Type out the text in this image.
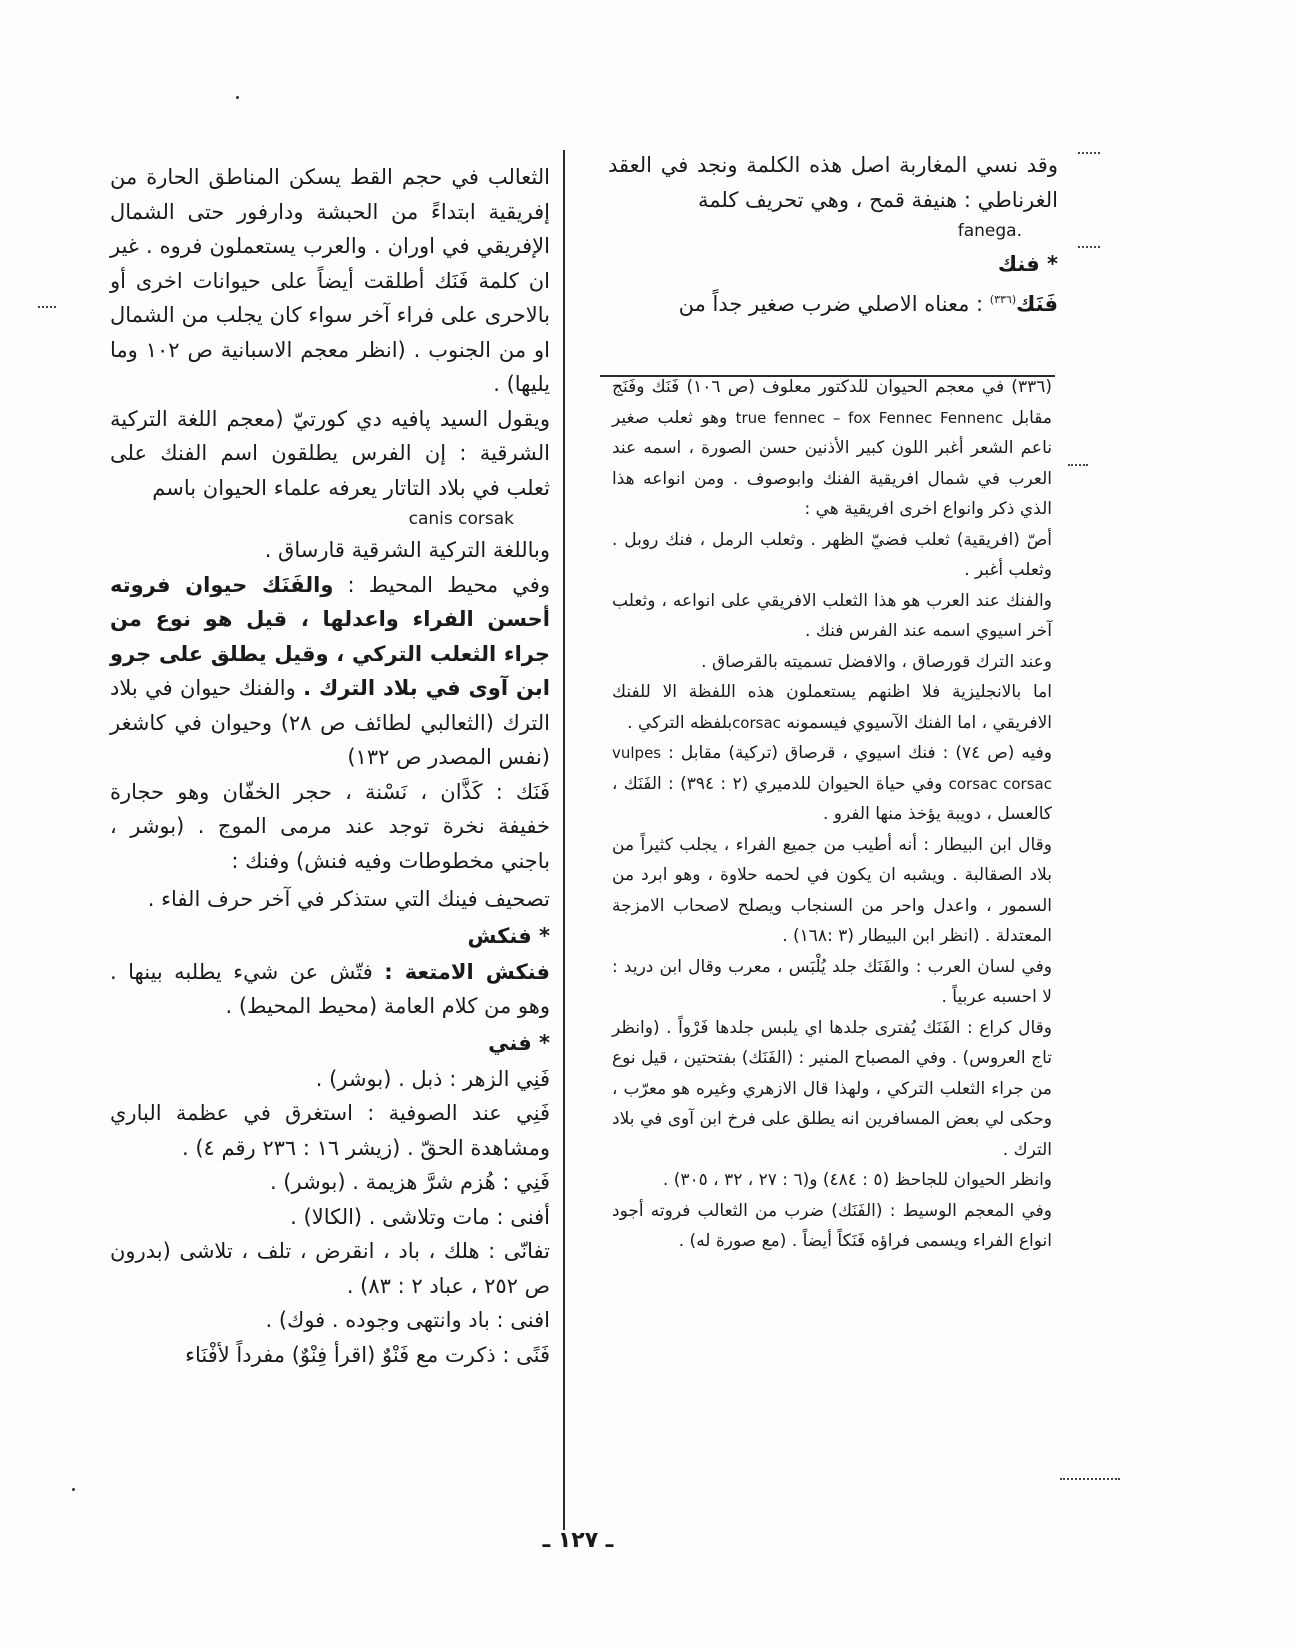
وقد نسي المغاربة اصل هذه الكلمة ونجد في العقد الغرناطي : هنيفة قمح ، وهي تحريف كلمة

fanega.

* فنك

فَنَك$^{(٣٣٦)}$ : معناه الاصلي ضرب صغير جداً من

(٣٣٦) في معجم الحيوان للدكتور معلوف (ص ١٠٦) فَنَك وفَنَج مقابل true fennec – fox Fennec Fennenc وهو ثعلب صغير ناعم الشعر أغبر اللون كبير الأذنين حسن الصورة ، اسمه عند العرب في شمال افريقية الفنك وابوصوف . ومن انواعه هذا الذي ذكر وانواع اخرى افريقية هي :

أصّ (افريقية) ثعلب فضيّ الظهر . وثعلب الرمل ، فنك روبل . وثعلب أغبر .

والفنك عند العرب هو هذا الثعلب الافريقي على انواعه ، وثعلب آخر اسيوي اسمه عند الفرس فنك .

وعند الترك قورصاق ، والافضل تسميته بالقرصاق .

اما بالانجليزية فلا اظنهم يستعملون هذه اللفظة الا للفنك الافريقي ، اما الفنك الآسيوي فيسمونه corsacبلفظه التركي .

وفيه (ص ٧٤) : فنك اسيوي ، قرصاق (تركية) مقابل : vulpes corsac corsac وفي حياة الحيوان للدميري (٢ : ٣٩٤) : الفَنَك ، كالعسل ، دويبة يؤخذ منها الفرو .

وقال ابن البيطار : أنه أطيب من جميع الفراء ، يجلب كثيراً من بلاد الصقالبة . ويشبه ان يكون في لحمه حلاوة ، وهو ابرد من السمور ، واعدل واحر من السنجاب ويصلح لاصحاب الامزجة المعتدلة . (انظر ابن البيطار (٣ :١٦٨) .

وفي لسان العرب : والفَنَك جلد يُلْبَس ، معرب وقال ابن دريد : لا احسبه عربياً .

وقال كراع : الفَنَك يُفترى جلدها اي يلبس جلدها فَرْواً . (وانظر تاج العروس) . وفي المصباح المنير : (الفَنَك) بفتحتين ، قيل نوع من جراء الثعلب التركي ، ولهذا قال الازهري وغيره هو معرّب ، وحكى لي بعض المسافرين انه يطلق على فرخ ابن آوى في بلاد الترك .

وانظر الحيوان للجاحظ (٥ : ٤٨٤) و(٦ : ٢٧ ، ٣٢ ، ٣٠٥) .

وفي المعجم الوسيط : (الفَنَك) ضرب من الثعالب فروته أجود انواع الفراء ويسمى فراؤه فَنَكاً أيضاً . (مع صورة له) .

الثعالب في حجم القط يسكن المناطق الحارة من إفريقية ابتداءً من الحبشة ودارفور حتى الشمال الإفريقي في اوران . والعرب يستعملون فروه . غير ان كلمة فَنَك أطلقت أيضاً على حيوانات اخرى أو بالاحرى على فراء آخر سواء كان يجلب من الشمال او من الجنوب . (انظر معجم الاسبانية ص ١٠٢ وما يليها) .

ويقول السيد پافيه دي كورتيّ (معجم اللغة التركية الشرقية : إن الفرس يطلقون اسم الفنك على ثعلب في بلاد التاتار يعرفه علماء الحيوان باسم

canis corsak

وباللغة التركية الشرقية قارساق .

وفي محيط المحيط : والفَنَك حيوان فروته أحسن الفراء واعدلها ، قيل هو نوع من جراء الثعلب التركي ، وقيل يطلق على جرو ابن آوى في بلاد الترك . والفنك حيوان في بلاد الترك (الثعالبي لطائف ص ٢٨) وحيوان في كاشغر (نفس المصدر ص ١٣٢)

فَنَك : كَذَّان ، نَسْنة ، حجر الخفّان وهو حجارة خفيفة نخرة توجد عند مرمى الموج . (بوشر ، باجني مخطوطات وفيه فنش) وفنك :

تصحيف فينك التي ستذكر في آخر حرف الفاء .

* فنكش

فنكش الامتعة : فتّش عن شيء يطلبه بينها . وهو من كلام العامة (محيط المحيط) .

* فني

فَنِي الزهر : ذبل . (بوشر) .

فَنِي عند الصوفية : استغرق في عظمة الباري ومشاهدة الحقّ . (زيشر ١٦ : ٢٣٦ رقم ٤) .

فَنِي : هُزم شرَّ هزيمة . (بوشر) .

أفنى : مات وتلاشى . (الكالا) .

تفانّى : هلك ، باد ، انقرض ، تلف ، تلاشى (بدرون ص ٢٥٢ ، عباد ٢ : ٨٣) .

افنى : باد وانتهى وجوده . فوك) .

فَنًى : ذكرت مع فَنْوٌ (اقرأ فِنْوٌ) مفرداً لأفْنَاء

ـ ١٢٧ ـ
